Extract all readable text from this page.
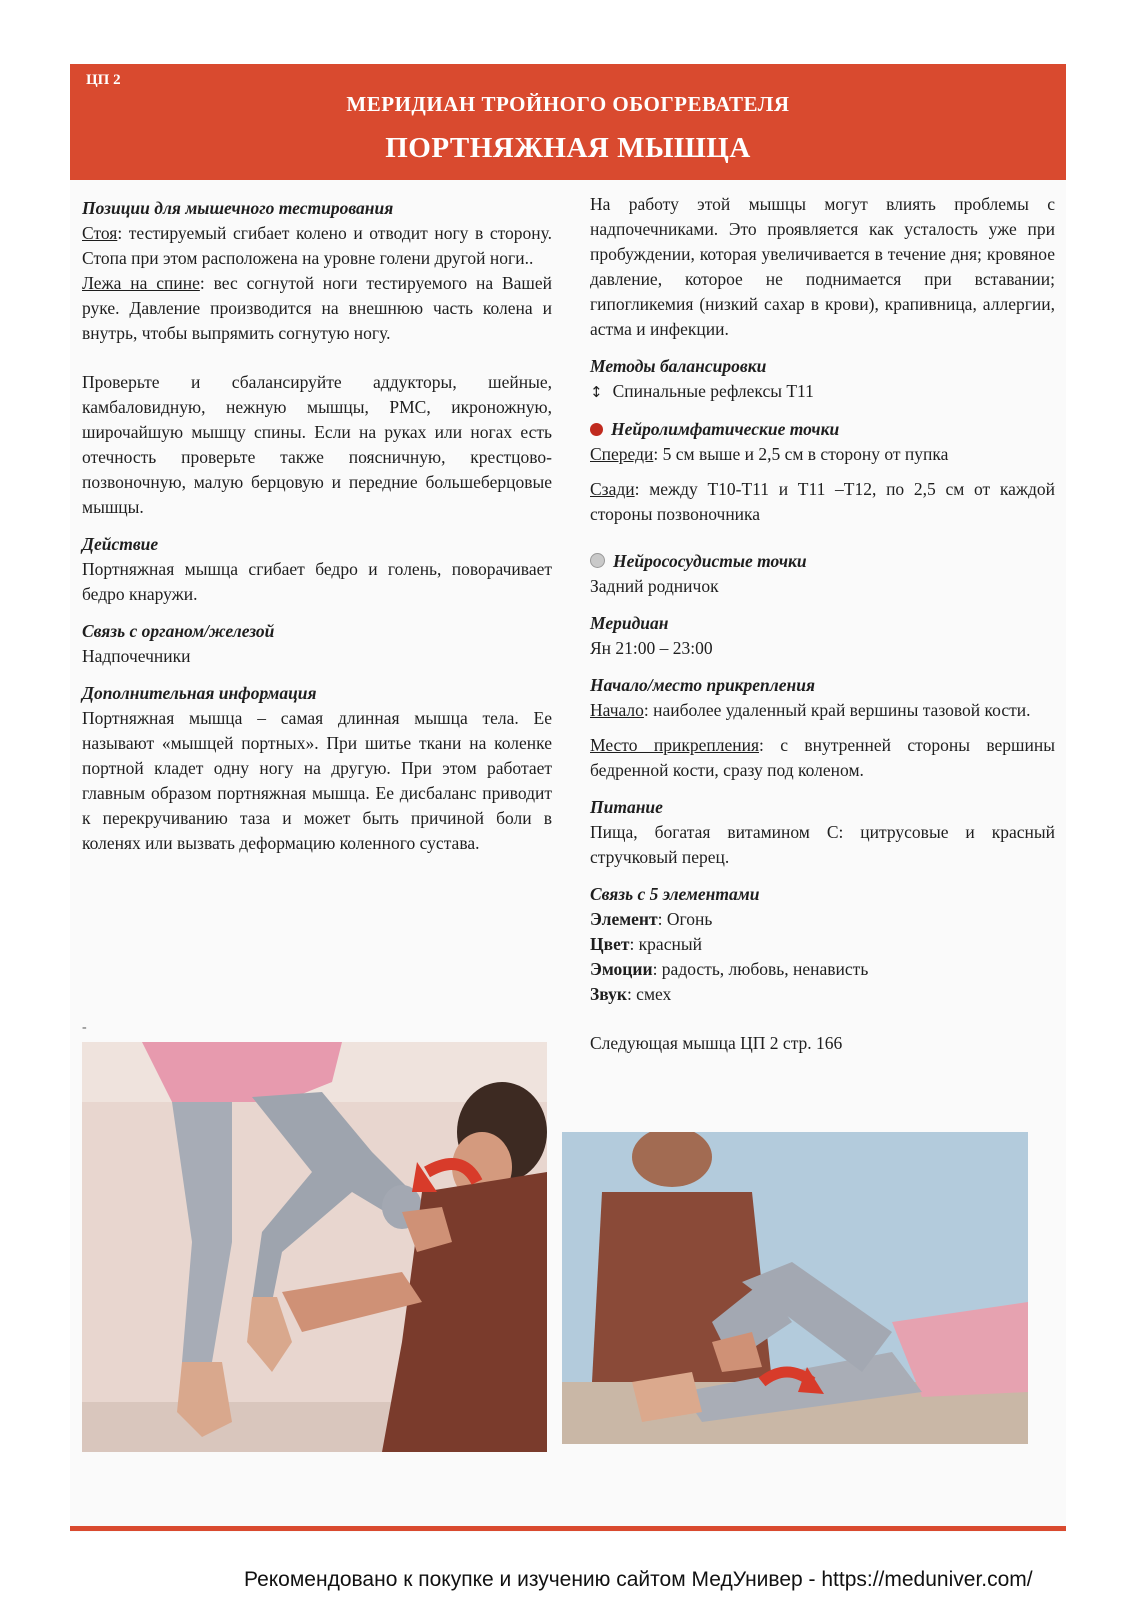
ЦП 2
МЕРИДИАН ТРОЙНОГО ОБОГРЕВАТЕЛЯ
ПОРТНЯЖНАЯ МЫШЦА

Позиции для мышечного тестирования

Стоя: тестируемый сгибает колено и отводит ногу в сторону. Стопа при этом расположена на уровне голени другой ноги..

Лежа на спине: вес согнутой ноги тестируемого на Вашей руке. Давление производится на внешнюю часть колена и внутрь, чтобы выпрямить согнутую ногу.

Проверьте и сбалансируйте аддукторы, шейные, камбаловидную, нежную мышцы, PMC, икроножную, широчайшую мышцу спины. Если на руках или ногах есть отечность проверьте также поясничную, крестцово-позвоночную, малую берцовую и передние большеберцовые мышцы.

Действие

Портняжная мышца сгибает бедро и голень, поворачивает бедро кнаружи.

Связь с органом/железой

Надпочечники

Дополнительная информация

Портняжная мышца – самая длинная мышца тела. Ее называют «мышцей портных». При шитье ткани на коленке портной кладет одну ногу на другую. При этом работает главным образом портняжная мышца. Ее дисбаланс приводит к перекручиванию таза и может быть причиной боли в коленях или вызвать деформацию коленного сустава.

На работу этой мышцы могут влиять проблемы с надпочечниками. Это проявляется как усталость уже при пробуждении, которая увеличивается в течение дня; кровяное давление, которое не поднимается при вставании; гипогликемия (низкий сахар в крови), крапивница, аллергии, астма и инфекции.

Методы балансировки

↕ Спинальные рефлексы T11

Нейролимфатические точки

Спереди: 5 см выше и 2,5 см в сторону от пупка

Сзади: между T10-T11 и T11 –T12, по 2,5 см от каждой стороны позвоночника

Нейрососудистые точки

Задний родничок

Меридиан

Ян 21:00 – 23:00

Начало/место прикрепления

Начало: наиболее удаленный край вершины тазовой кости.

Место прикрепления: с внутренней стороны вершины бедренной кости, сразу под коленом.

Питание

Пища, богатая витамином С: цитрусовые и красный стручковый перец.

Связь с 5 элементами

Элемент: Огонь

Цвет: красный

Эмоции: радость, любовь, ненависть

Звук: смех

Следующая мышца ЦП 2 стр. 166

-
Рекомендовано к покупке и изучению сайтом МедУнивер - https://meduniver.com/
